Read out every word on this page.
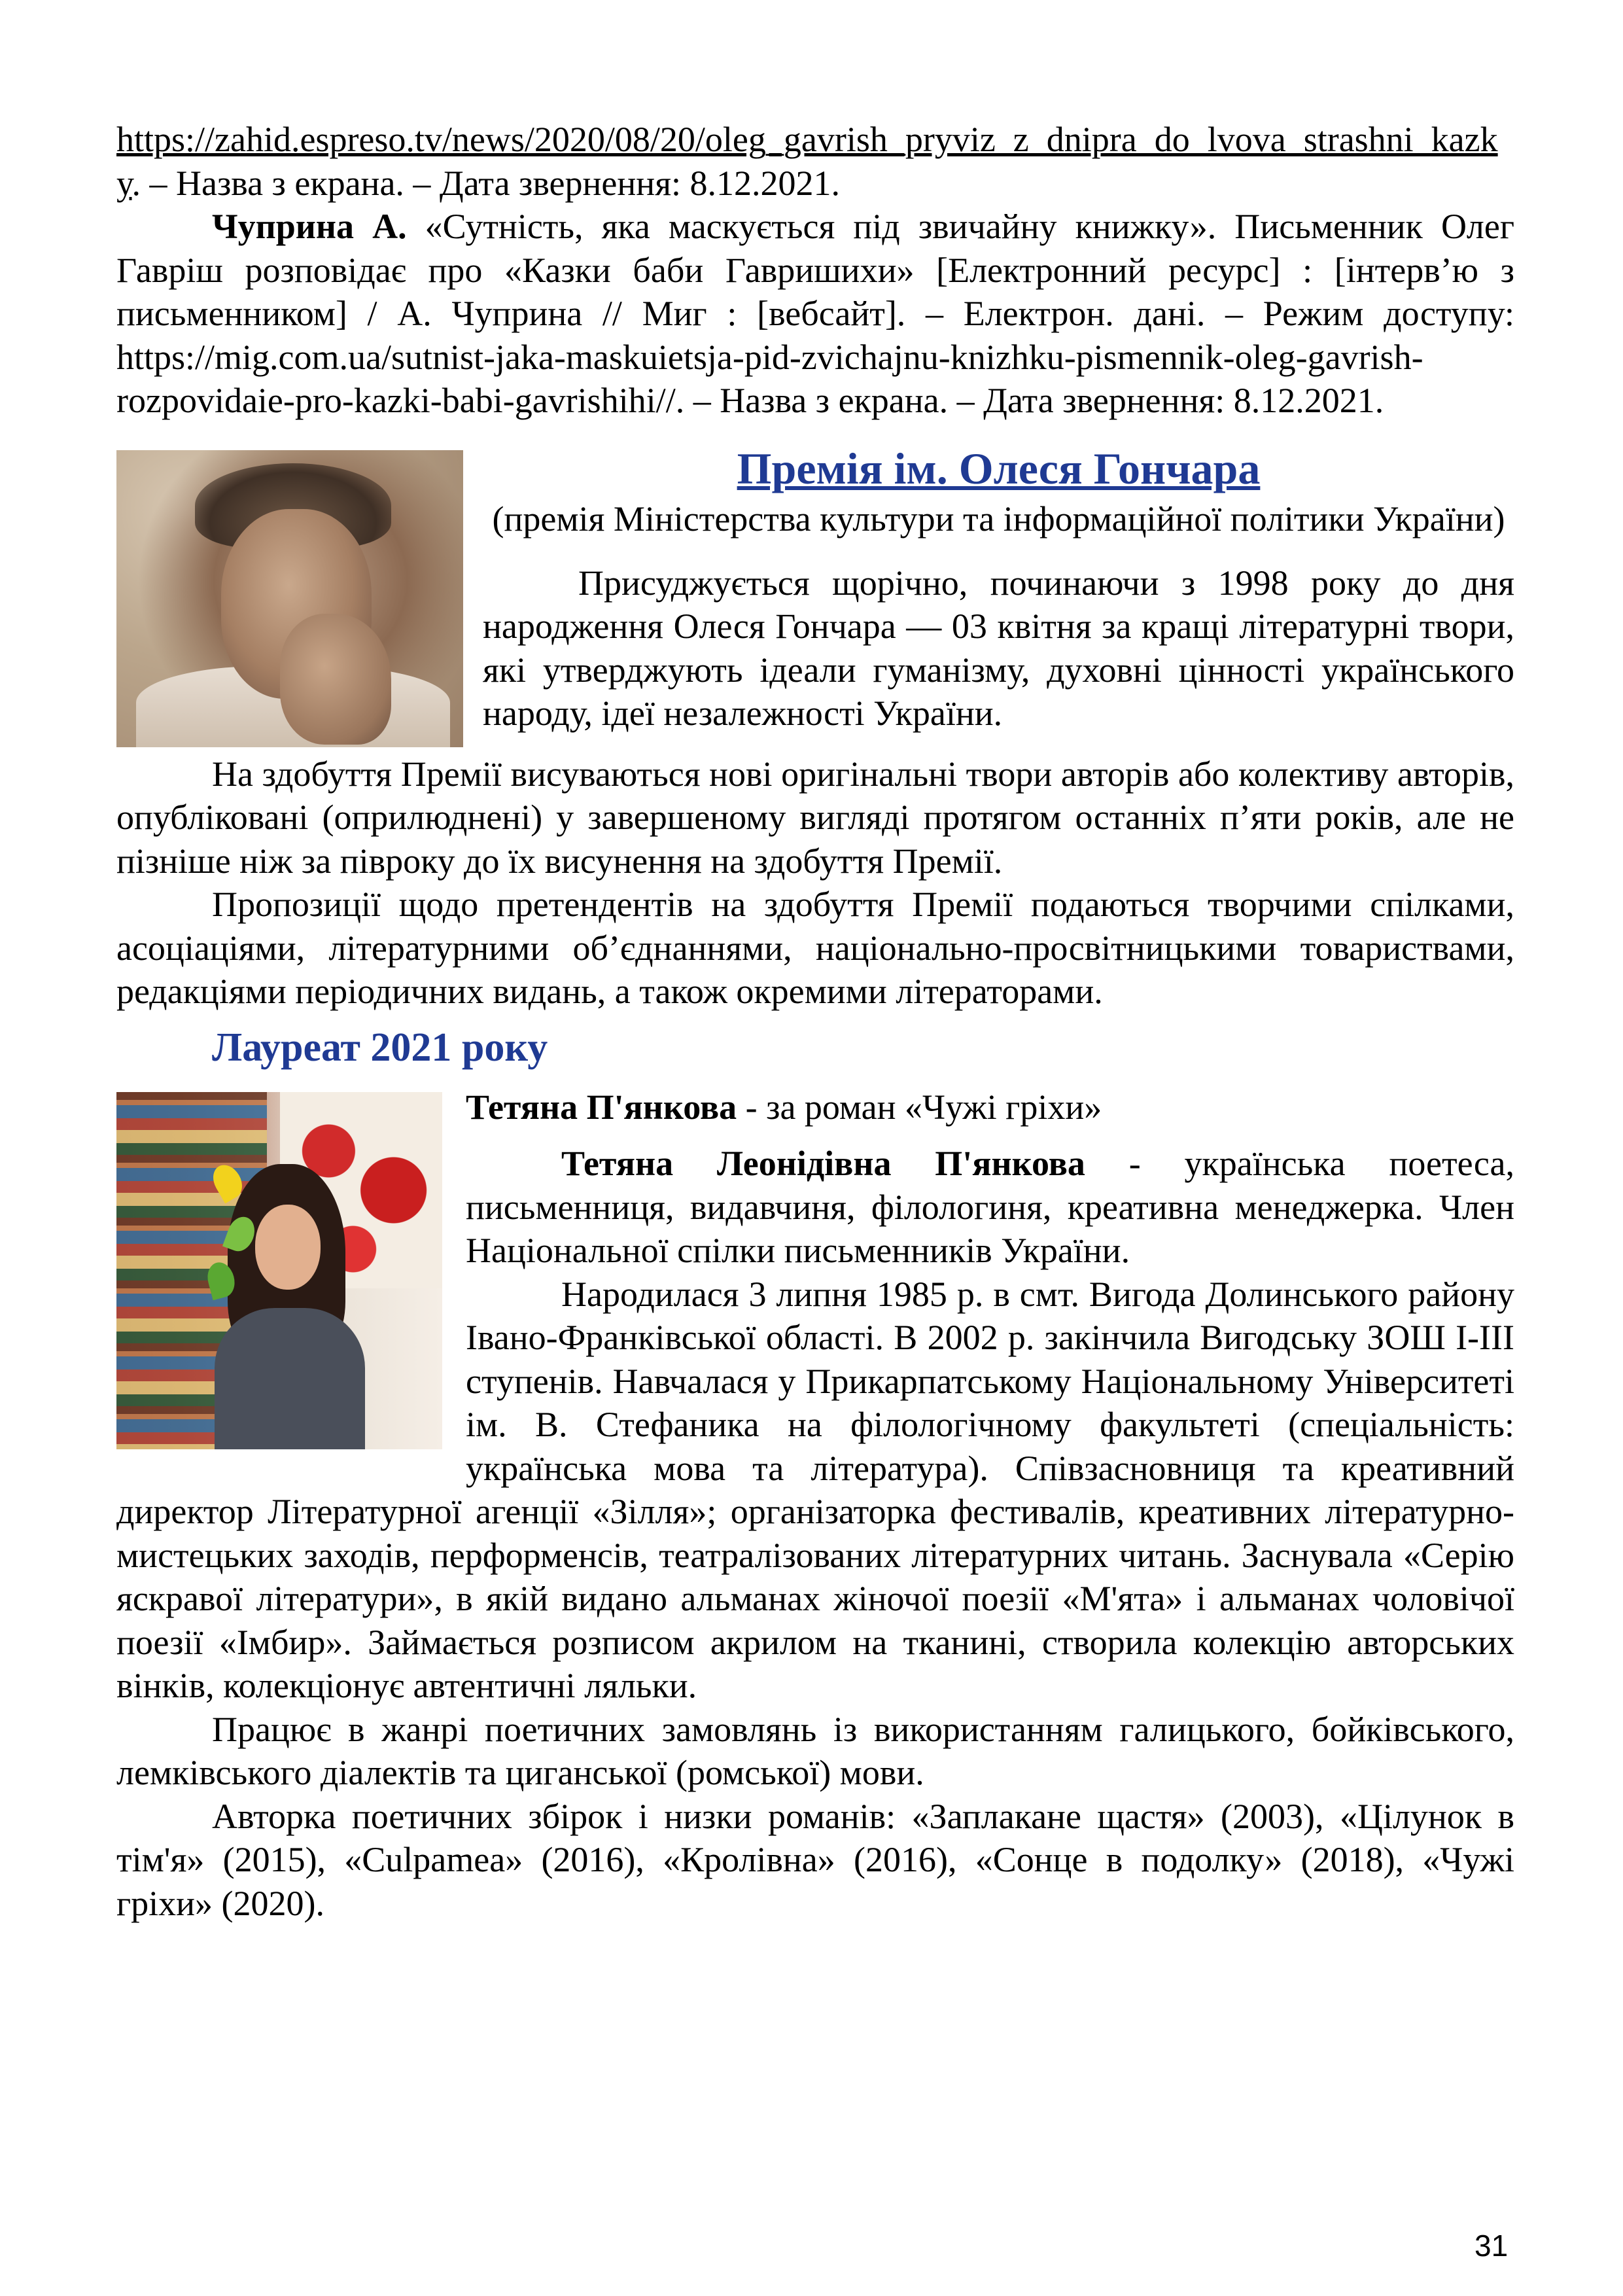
https://zahid.espreso.tv/news/2020/08/20/oleg_gavrish_pryviz_z_dnipra_do_lvova_strashni_kazky. – Назва з екрана. – Дата звернення: 8.12.2021.

Чуприна А. «Сутність, яка маскується під звичайну книжку». Письменник Олег Гавріш розповідає про «Казки баби Гавришихи» [Електронний ресурс] : [інтерв’ю з письменником] / А. Чуприна // Миг : [вебсайт]. – Електрон. дані. – Режим доступу: https://mig.com.ua/sutnist-jaka-maskuietsja-pid-zvichajnu-knizhku-pismennik-oleg-gavrish-rozpovidaie-pro-kazki-babi-gavrishihi//. – Назва з екрана. – Дата звернення: 8.12.2021.

Премія ім. Олеся Гончара

(премія Міністерства культури та інформаційної політики України)

Присуджується щорічно, починаючи з 1998 року до дня народження Олеся Гончара — 03 квітня за кращі літературні твори, які утверджують ідеали гуманізму, духовні цінності українського народу, ідеї незалежності України.

На здобуття Премії висуваються нові оригінальні твори авторів або колективу авторів, опубліковані (оприлюднені) у завершеному вигляді протягом останніх п’яти років, але не пізніше ніж за півроку до їх висунення на здобуття Премії.

Пропозиції щодо претендентів на здобуття Премії подаються творчими спілками, асоціаціями, літературними об’єднаннями, національно-просвітницькими товариствами, редакціями періодичних видань, а також окремими літераторами.

Лауреат 2021 року

Тетяна П'янкова - за роман «Чужі гріхи»

Тетяна Леонідівна П'янкова - українська поетеса, письменниця, видавчиня, філологиня, креативна менеджерка. Член Національної спілки письменників України.

Народилася 3 липня 1985 р. в смт. Вигода Долинського району Івано-Франківської області. В 2002 р. закінчила Вигодську ЗОШ І-ІІІ ступенів. Навчалася у Прикарпатському Національному Університеті ім. В. Стефаника на філологічному факультеті (спеціальність: українська мова та література). Співзасновниця та креативний директор Літературної агенції «Зілля»; організаторка фестивалів, креативних літературно-мистецьких заходів, перформенсів, театралізованих літературних читань. Заснувала «Серію яскравої літератури», в якій видано альманах жіночої поезії «М'ята» і альманах чоловічої поезії «Імбир». Займається розписом акрилом на тканині, створила колекцію авторських вінків, колекціонує автентичні ляльки.

Працює в жанрі поетичних замовлянь із використанням галицького, бойківського, лемківського діалектів та циганської (ромської) мови.

Авторка поетичних збірок і низки романів: «Заплакане щастя» (2003), «Цілунок в тім'я» (2015), «Culpamea» (2016), «Кролівна» (2016), «Сонце в подолку» (2018), «Чужі гріхи» (2020).

31
